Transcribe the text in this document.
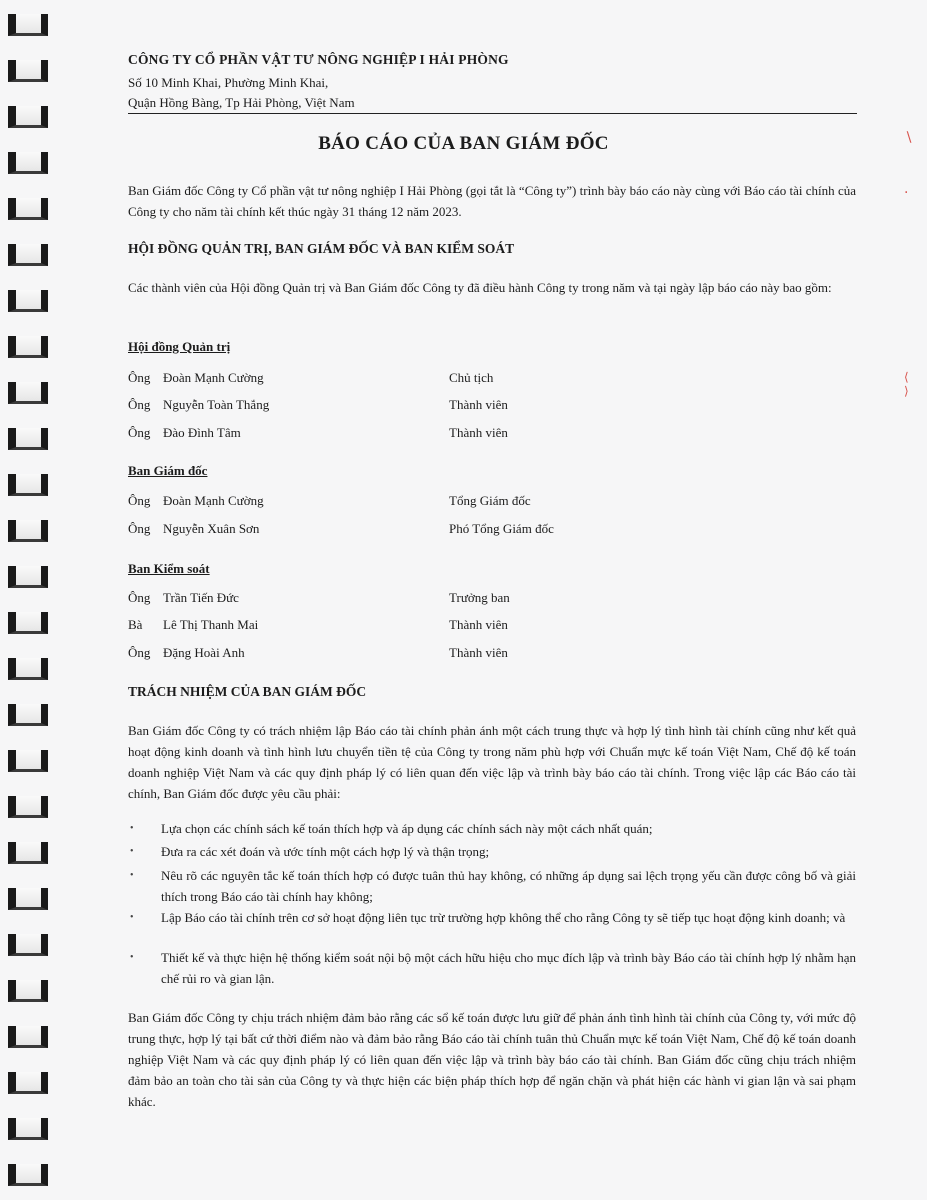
∖
·
⟨
⟩
CÔNG TY CỔ PHẦN VẬT TƯ NÔNG NGHIỆP I HẢI PHÒNG
Số 10 Minh Khai, Phường Minh Khai,
Quận Hồng Bàng, Tp Hải Phòng, Việt Nam
BÁO CÁO CỦA BAN GIÁM ĐỐC
Ban Giám đốc Công ty Cổ phần vật tư nông nghiệp I Hải Phòng (gọi tắt là “Công ty”) trình bày báo cáo này cùng với Báo cáo tài chính của Công ty cho năm tài chính kết thúc ngày 31 tháng 12 năm 2023.
HỘI ĐỒNG QUẢN TRỊ, BAN GIÁM ĐỐC VÀ BAN KIỂM SOÁT
Các thành viên của Hội đồng Quản trị và Ban Giám đốc Công ty đã điều hành Công ty trong năm và tại ngày lập báo cáo này bao gồm:
Hội đồng Quản trị
Ông Đoàn Mạnh Cường	Chủ tịch
Ông Nguyễn Toàn Thắng	Thành viên
Ông Đào Đình Tâm	Thành viên
Ban Giám đốc
Ông Đoàn Mạnh Cường	Tổng Giám đốc
Ông Nguyễn Xuân Sơn	Phó Tổng Giám đốc
Ban Kiểm soát
Ông Trần Tiến Đức	Trưởng ban
Bà Lê Thị Thanh Mai	Thành viên
Ông Đặng Hoài Anh	Thành viên
TRÁCH NHIỆM CỦA BAN GIÁM ĐỐC
Ban Giám đốc Công ty có trách nhiệm lập Báo cáo tài chính phản ánh một cách trung thực và hợp lý tình hình tài chính cũng như kết quả hoạt động kinh doanh và tình hình lưu chuyển tiền tệ của Công ty trong năm phù hợp với Chuẩn mực kế toán Việt Nam, Chế độ kế toán doanh nghiệp Việt Nam và các quy định pháp lý có liên quan đến việc lập và trình bày báo cáo tài chính. Trong việc lập các Báo cáo tài chính, Ban Giám đốc được yêu cầu phải:
• Lựa chọn các chính sách kế toán thích hợp và áp dụng các chính sách này một cách nhất quán;
• Đưa ra các xét đoán và ước tính một cách hợp lý và thận trọng;
• Nêu rõ các nguyên tắc kế toán thích hợp có được tuân thủ hay không, có những áp dụng sai lệch trọng yếu cần được công bố và giải thích trong Báo cáo tài chính hay không;
• Lập Báo cáo tài chính trên cơ sở hoạt động liên tục trừ trường hợp không thể cho rằng Công ty sẽ tiếp tục hoạt động kinh doanh; và
• Thiết kế và thực hiện hệ thống kiểm soát nội bộ một cách hữu hiệu cho mục đích lập và trình bày Báo cáo tài chính hợp lý nhằm hạn chế rủi ro và gian lận.
Ban Giám đốc Công ty chịu trách nhiệm đảm bảo rằng các sổ kế toán được lưu giữ để phản ánh tình hình tài chính của Công ty, với mức độ trung thực, hợp lý tại bất cứ thời điểm nào và đảm bảo rằng Báo cáo tài chính tuân thủ Chuẩn mực kế toán Việt Nam, Chế độ kế toán doanh nghiệp Việt Nam và các quy định pháp lý có liên quan đến việc lập và trình bày báo cáo tài chính. Ban Giám đốc cũng chịu trách nhiệm đảm bảo an toàn cho tài sản của Công ty và thực hiện các biện pháp thích hợp để ngăn chặn và phát hiện các hành vi gian lận và sai phạm khác.
